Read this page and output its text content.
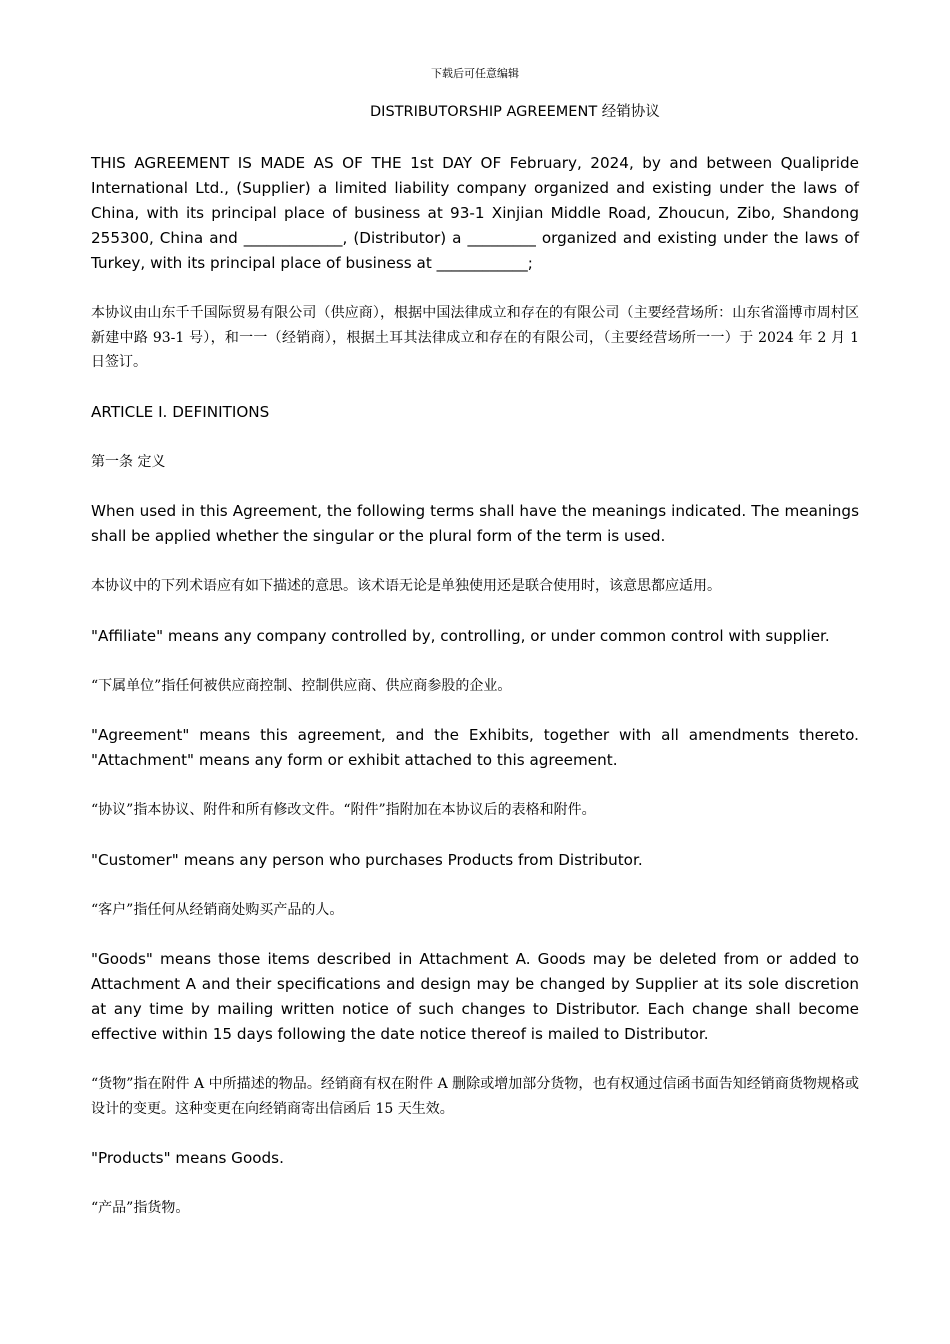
下载后可任意编辑
DISTRIBUTORSHIP AGREEMENT 经销协议

THIS AGREEMENT IS MADE AS OF THE 1st DAY OF February, 2024, by and between Qualipride International Ltd., (Supplier) a limited liability company organized and existing under the laws of China, with its principal place of business at 93-1 Xinjian Middle Road, Zhoucun, Zibo, Shandong 255300, China and _____________, (Distributor) a _________ organized and existing under the laws of Turkey, with its principal place of business at ____________;

本协议由山东千千国际贸易有限公司（供应商），根据中国法律成立和存在的有限公司（主要经营场所：山东省淄博市周村区新建中路 93-1 号），和一一（经销商），根据土耳其法律成立和存在的有限公司，（主要经营场所一一）于 2024 年 2 月 1 日签订。

ARTICLE I. DEFINITIONS

第一条 定义

When used in this Agreement, the following terms shall have the meanings indicated. The meanings shall be applied whether the singular or the plural form of the term is used.

本协议中的下列术语应有如下描述的意思。该术语无论是单独使用还是联合使用时，该意思都应适用。

"Affiliate" means any company controlled by, controlling, or under common control with supplier.

“下属单位”指任何被供应商控制、控制供应商、供应商参股的企业。

"Agreement" means this agreement, and the Exhibits, together with all amendments thereto. "Attachment" means any form or exhibit attached to this agreement.

“协议”指本协议、附件和所有修改文件。“附件”指附加在本协议后的表格和附件。

"Customer" means any person who purchases Products from Distributor.

“客户”指任何从经销商处购买产品的人。

"Goods" means those items described in Attachment A. Goods may be deleted from or added to Attachment A and their specifications and design may be changed by Supplier at its sole discretion at any time by mailing written notice of such changes to Distributor. Each change shall become effective within 15 days following the date notice thereof is mailed to Distributor.

“货物”指在附件 A 中所描述的物品。经销商有权在附件 A 删除或增加部分货物，也有权通过信函书面告知经销商货物规格或设计的变更。这种变更在向经销商寄出信函后 15 天生效。

"Products" means Goods.

“产品”指货物。
